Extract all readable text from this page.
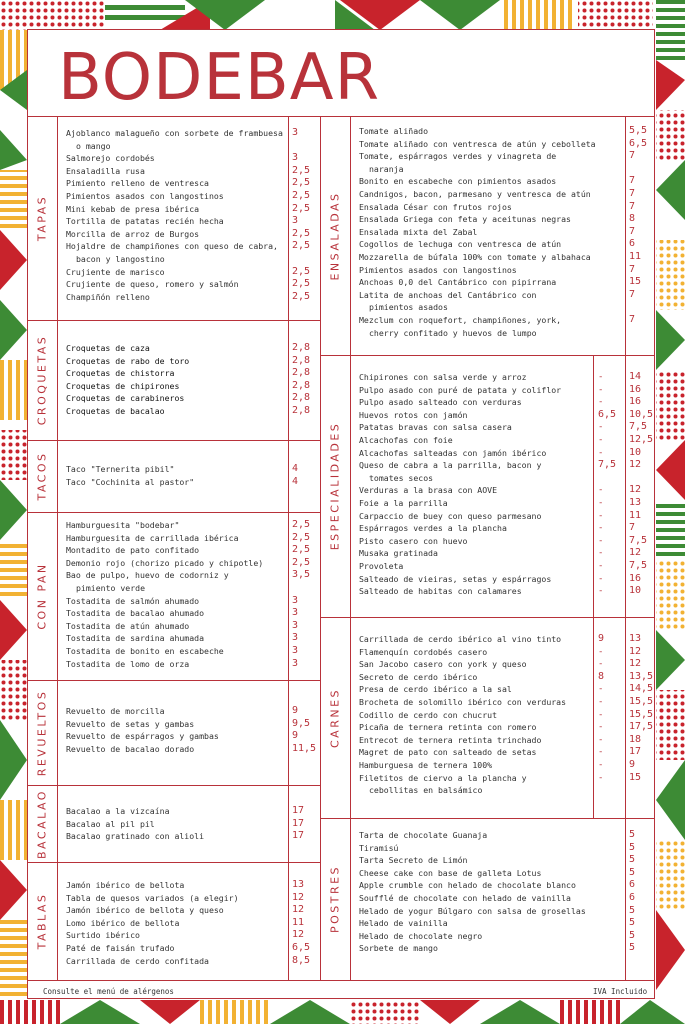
BODEBAR
Consulte el menú de alérgenos	IVA Incluido
TAPAS
Ajoblanco malagueño con sorbete de frambuesa
o mango
3
Salmorejo cordobés	3
Ensaladilla rusa	2,5
Pimiento relleno de ventresca	2,5
Pimientos asados con langostinos	2,5
Mini kebab de presa ibérica	2,5
Tortilla de patatas recién hecha	3
Morcilla de arroz de Burgos	2,5
Hojaldre de champiñones con queso de cabra,
bacon y langostino
2,5
Crujiente de marisco	2,5
Crujiente de queso, romero y salmón	2,5
Champiñón relleno	2,5
CROQUETAS Croquetas de caza	2,8
Croquetas de rabo de toro	2,8
Croquetas de chistorra	2,8
Croquetas de chipirones	2,8
Croquetas de carabineros	2,8
Croquetas de bacalao	2,8
TACOS Taco "Ternerita pibil"	4
Taco "Cochinita al pastor"	4
CON PAN
Hamburguesita "bodebar"	2,5
Hamburguesita de carrillada ibérica	2,5
Montadito de pato confitado	2,5
Demonio rojo (chorizo picado y chipotle)	2,5
Bao de pulpo, huevo de codorniz y
pimiento verde
3,5
Tostadita de salmón ahumado	3
Tostadita de bacalao ahumado	3
Tostadita de atún ahumado	3
Tostadita de sardina ahumada	3
Tostadita de bonito en escabeche	3
Tostadita de lomo de orza	3
REVUELTOS Revuelto de morcilla	9
Revuelto de setas y gambas	9,5
Revuelto de espárragos y gambas	9
Revuelto de bacalao dorado	11,5
BACALAO Bacalao a la vizcaína	17
Bacalao al pil pil	17
Bacalao gratinado con alioli	17
TABLAS
Jamón ibérico de bellota	13
Tabla de quesos variados (a elegir)	12
Jamón ibérico de bellota y queso	12
Lomo ibérico de bellota	11
Surtido ibérico	12
Paté de faisán trufado	6,5
Carrillada de cerdo confitada	8,5
ENSALADAS
Tomate aliñado	5,5
Tomate aliñado con ventresca de atún y cebolleta	6,5
Tomate, espárragos verdes y vinagreta de
naranja
7
Bonito en escabeche con pimientos asados	7
Candnigos, bacon, parmesano y ventresca de atún	7
Ensalada César con frutos rojos	7
Ensalada Griega con feta y aceitunas negras	8
Ensalada mixta del Zabal	7
Cogollos de lechuga con ventresca de atún	6
Mozzarella de búfala 100% con tomate y albahaca	11
Pimientos asados con langostinos	7
Anchoas 0,0 del Cantábrico con pipirrana	15
Latita de anchoas del Cantábrico con
pimientos asados
7
Mezclum con roquefort, champiñones, york,
cherry confitado y huevos de lumpo
7
ESPECIALIDADES
Chipirones con salsa verde y arroz	-	14
Pulpo asado con puré de patata y coliflor	-	16
Pulpo asado salteado con verduras	-	16
Huevos rotos con jamón	6,5 10,5
Patatas bravas con salsa casera	-	7,5
Alcachofas con foie	-	12,5
Alcachofas salteadas con jamón ibérico	-	10
Queso de cabra a la parrilla, bacon y
tomates secos
7,5 12
Verduras a la brasa con AOVE	-	12
Foie a la parrilla	-	13
Carpaccio de buey con queso parmesano	-	11
Espárragos verdes a la plancha	-	7
Pisto casero con huevo	-	7,5
Musaka gratinada	-	12
Provoleta	-	7,5
Salteado de vieiras, setas y espárragos	-	16
Salteado de habitas con calamares	-	10
CARNES
Carrillada de cerdo ibérico al vino tinto	9 13
Flamenquín cordobés casero	-	12
San Jacobo casero con york y queso	-	12
Secreto de cerdo ibérico	8 13,5
Presa de cerdo ibérico a la sal	-	14,5
Brocheta de solomillo ibérico con verduras	-	15,5
Codillo de cerdo con chucrut	-	15,5
Picaña de ternera retinta con romero	-	17,5
Entrecot de ternera retinta trinchado	-	18
Magret de pato con salteado de setas	-	17
Hamburguesa de ternera 100%	-	9
Filetitos de ciervo a la plancha y
cebollitas en balsámico
-	15
POSTRES
Tarta de chocolate Guanaja	5
Tiramisú	5
Tarta Secreto de Limón	5
Cheese cake con base de galleta Lotus	5
Apple crumble con helado de chocolate blanco	6
Soufflé de chocolate con helado de vainilla	6
Helado de yogur Búlgaro con salsa de grosellas	5
Helado de vainilla	5
Helado de chocolate negro	5
Sorbete de mango	5
